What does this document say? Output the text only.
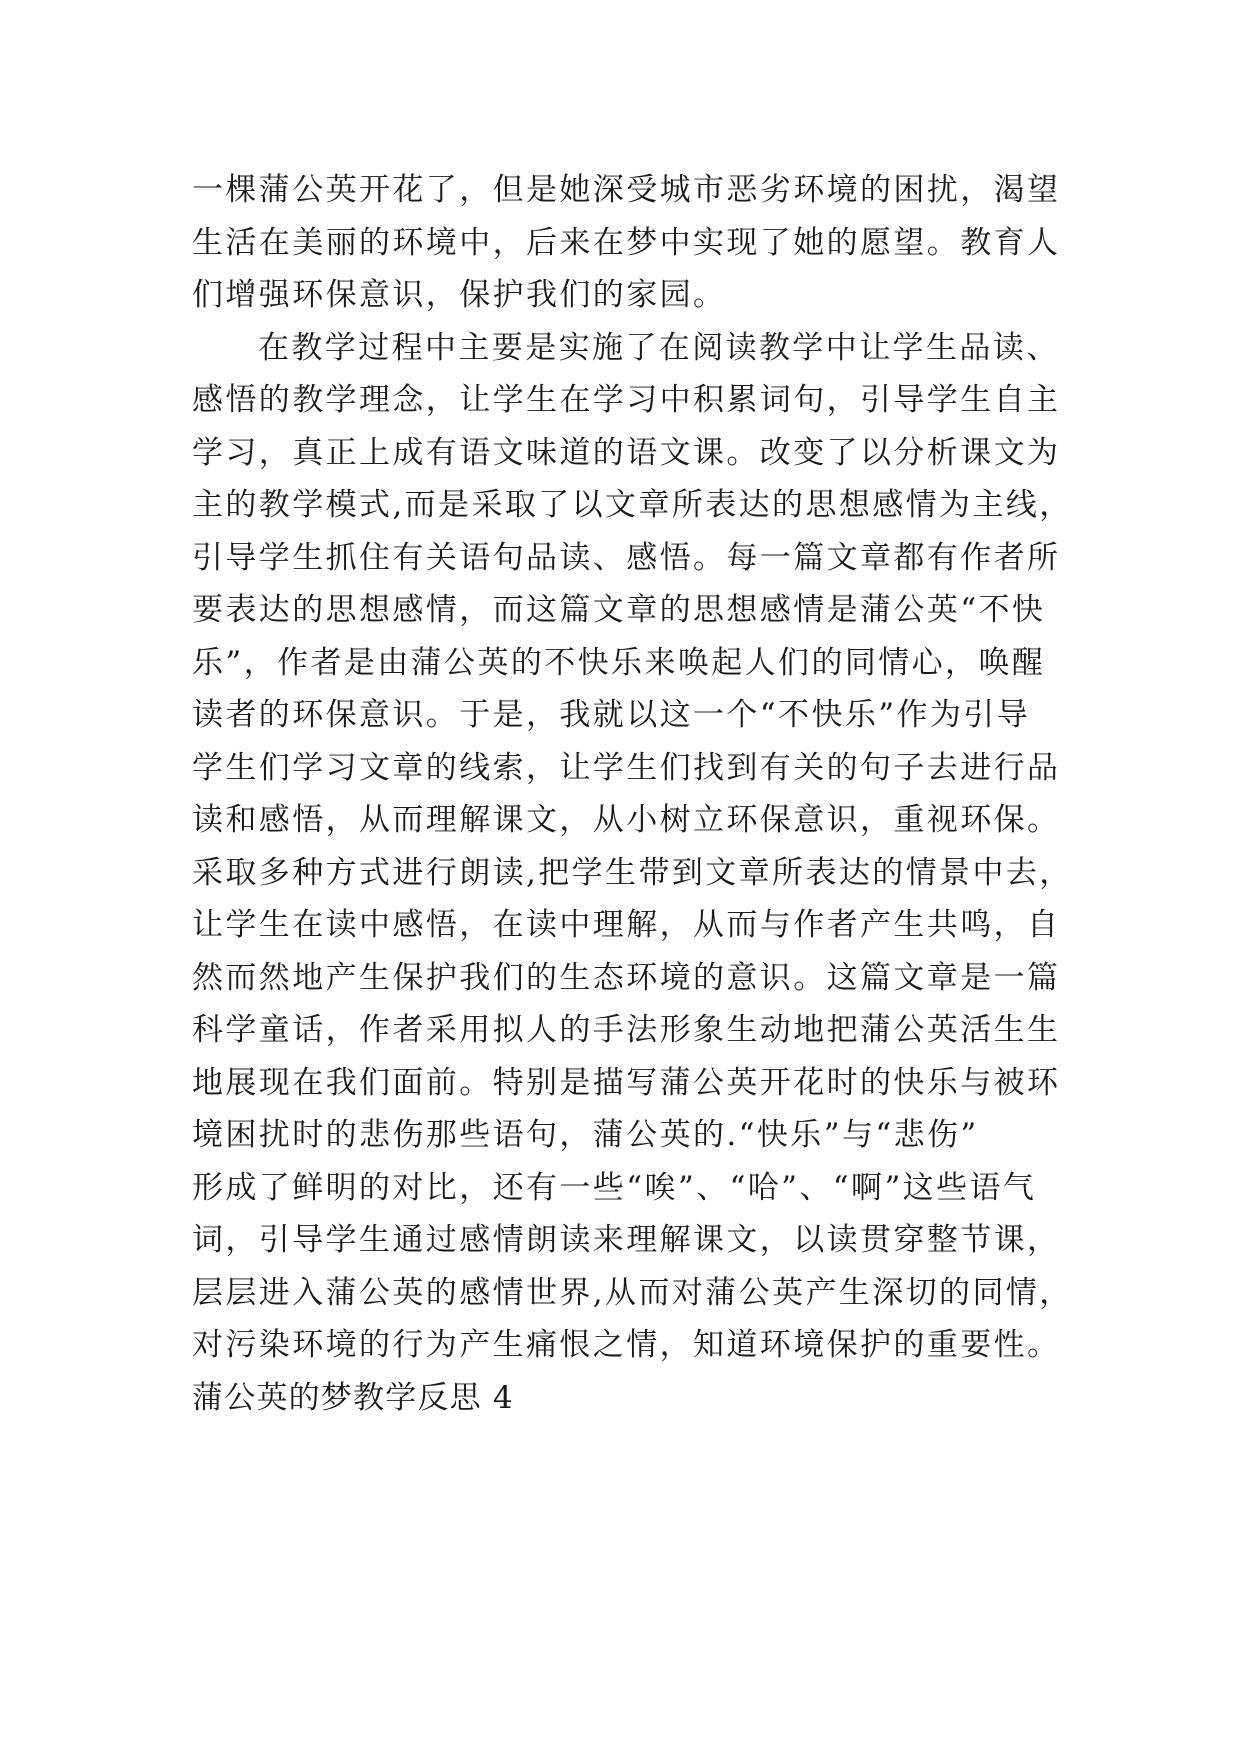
一棵蒲公英开花了，但是她深受城市恶劣环境的困扰，渴望
生活在美丽的环境中，后来在梦中实现了她的愿望。教育人
们增强环保意识，保护我们的家园。
在教学过程中主要是实施了在阅读教学中让学生品读、
感悟的教学理念，让学生在学习中积累词句，引导学生自主
学习，真正上成有语文味道的语文课。改变了以分析课文为
主的教学模式,而是采取了以文章所表达的思想感情为主线，
引导学生抓住有关语句品读、感悟。每一篇文章都有作者所
要表达的思想感情，而这篇文章的思想感情是蒲公英“不快
乐”，作者是由蒲公英的不快乐来唤起人们的同情心，唤醒
读者的环保意识。于是，我就以这一个“不快乐”作为引导
学生们学习文章的线索，让学生们找到有关的句子去进行品
读和感悟，从而理解课文，从小树立环保意识，重视环保。
采取多种方式进行朗读,把学生带到文章所表达的情景中去，
让学生在读中感悟，在读中理解，从而与作者产生共鸣，自
然而然地产生保护我们的生态环境的意识。这篇文章是一篇
科学童话，作者采用拟人的手法形象生动地把蒲公英活生生
地展现在我们面前。特别是描写蒲公英开花时的快乐与被环
境困扰时的悲伤那些语句，蒲公英的.“快乐”与“悲伤”
形成了鲜明的对比，还有一些“唉”、“哈”、“啊”这些语气
词，引导学生通过感情朗读来理解课文，以读贯穿整节课，
层层进入蒲公英的感情世界,从而对蒲公英产生深切的同情，
对污染环境的行为产生痛恨之情，知道环境保护的重要性。
蒲公英的梦教学反思 4
